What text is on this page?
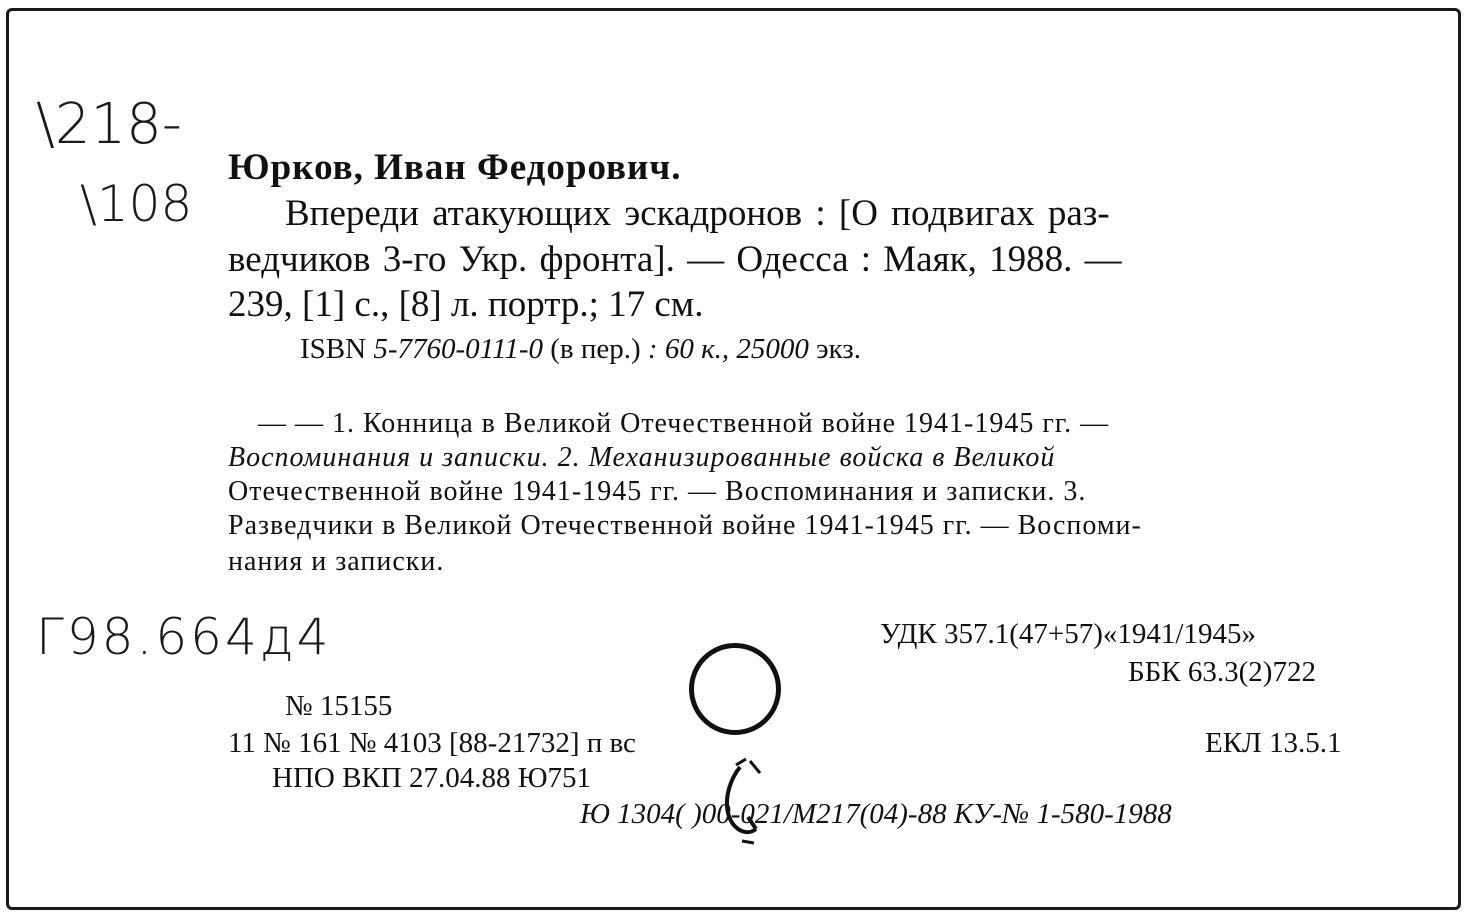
\218-
\108
Юрков, Иван Федорович.
Впереди атакующих эскадронов : [О подвигах раз-
ведчиков 3-го Укр. фронта]. — Одесса : Маяк, 1988. —
239, [1] с., [8] л. портр.; 17 см.
ISBN 5-7760-0111-0 (в пер.) : 60 к., 25000 экз.
— — 1. Конница в Великой Отечественной войне 1941-1945 гг. —
Воспоминания и записки. 2. Механизированные войска в Великой
Отечественной войне 1941-1945 гг. — Воспоминания и записки. 3.
Разведчики в Великой Отечественной войне 1941-1945 гг. — Воспоми-
нания и записки.
Г98.664д4	УДК 357.1(47+57)«1941/1945»
ББК 63.3(2)722
ЕКЛ 13.5.1
№ 15155
11 № 161 № 4103 [88-21732] п вс
НПО ВКП 27.04.88 Ю751
Ю 1304( )00-021/М217(04)-88 КУ-№ 1-580-1988
